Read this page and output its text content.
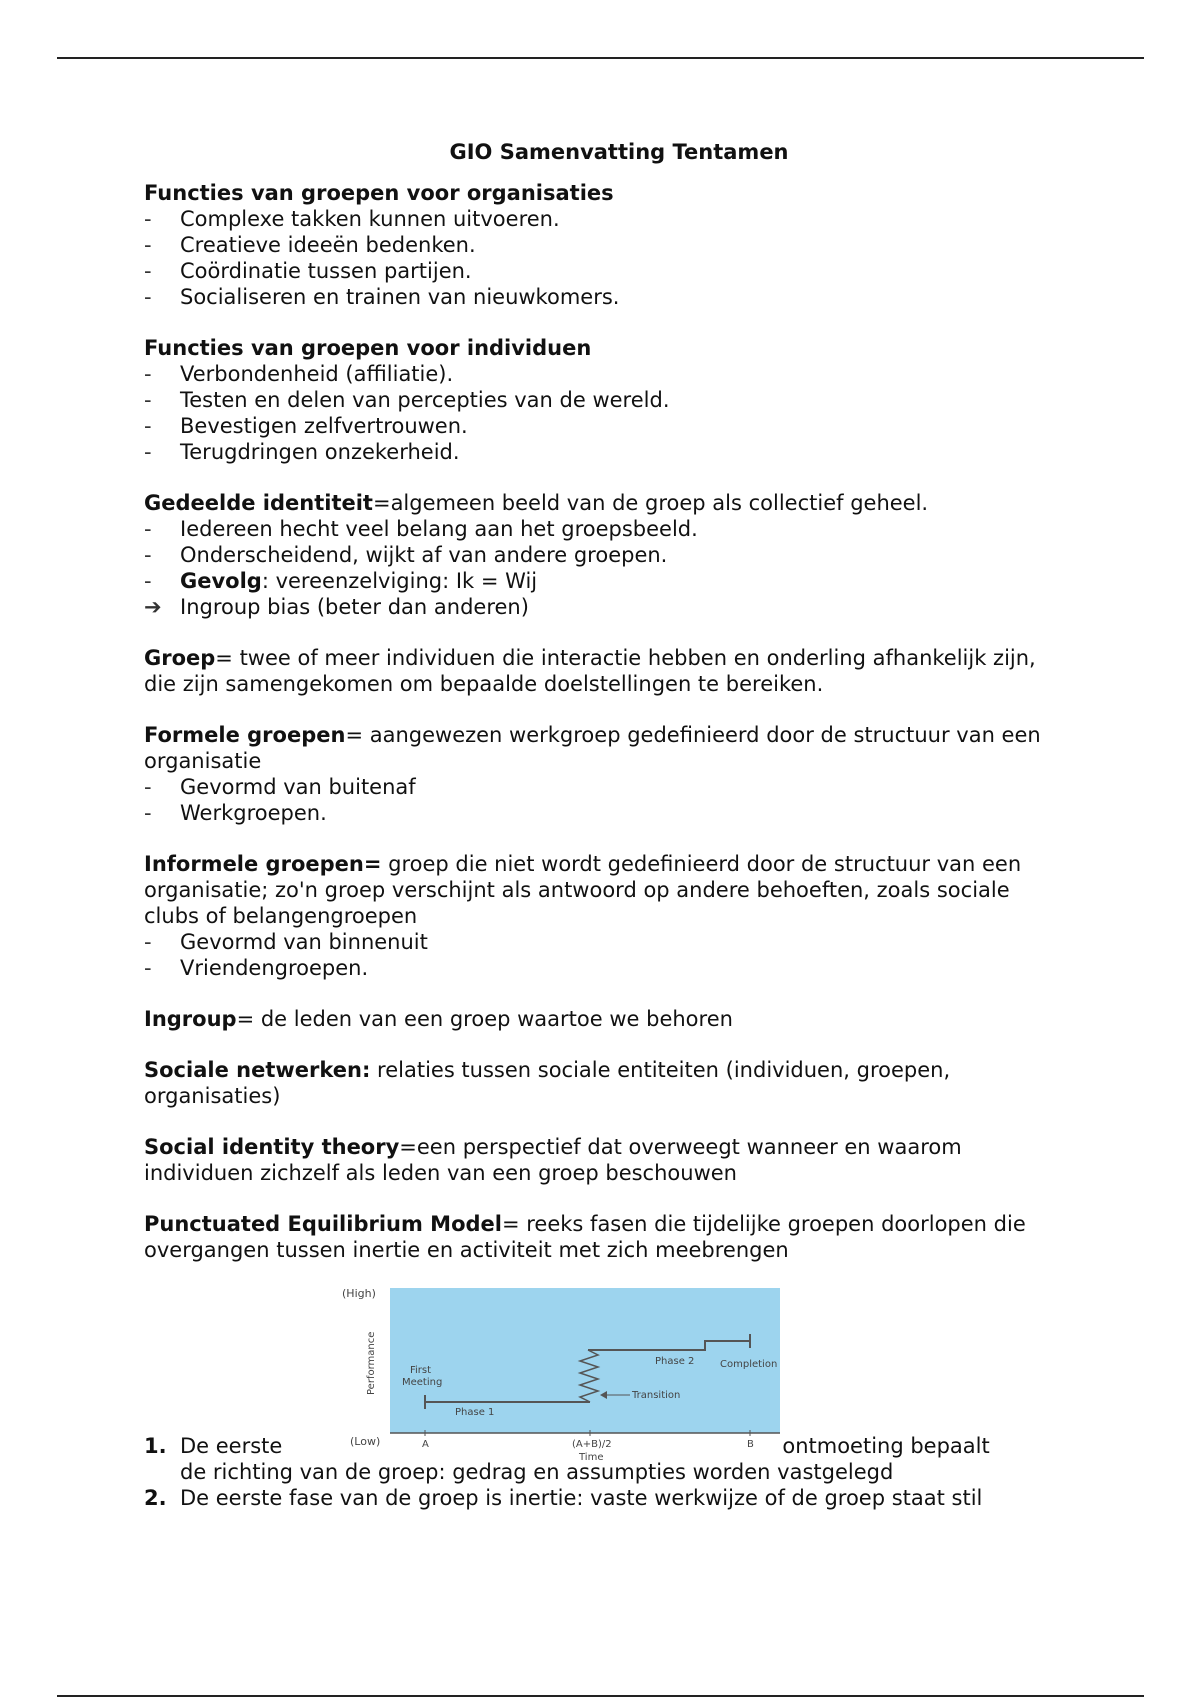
GIO Samenvatting Tentamen
Functies van groepen voor organisaties
-	Complexe takken kunnen uitvoeren.
-	Creatieve ideeën bedenken.
-	Coördinatie tussen partijen.
-	Socialiseren en trainen van nieuwkomers.
Functies van groepen voor individuen
-	Verbondenheid (affiliatie).
-	Testen en delen van percepties van de wereld.
-	Bevestigen zelfvertrouwen.
-	Terugdringen onzekerheid.
Gedeelde identiteit=algemeen beeld van de groep als collectief geheel.
-	Iedereen hecht veel belang aan het groepsbeeld.
-	Onderscheidend, wijkt af van andere groepen.
-	Gevolg: vereenzelviging: Ik = Wij
➔ Ingroup bias (beter dan anderen)
Groep= twee of meer individuen die interactie hebben en onderling afhankelijk zijn, die zijn samengekomen om bepaalde doelstellingen te bereiken.
Formele groepen= aangewezen werkgroep gedefinieerd door de structuur van een organisatie
-	Gevormd van buitenaf
-	Werkgroepen.
Informele groepen= groep die niet wordt gedefinieerd door de structuur van een organisatie; zo'n groep verschijnt als antwoord op andere behoeften, zoals sociale clubs of belangengroepen
-	Gevormd van binnenuit
-	Vriendengroepen.
Ingroup= de leden van een groep waartoe we behoren
Sociale netwerken: relaties tussen sociale entiteiten (individuen, groepen, organisaties)
Social identity theory=een perspectief dat overweegt wanneer en waarom individuen zichzelf als leden van een groep beschouwen
Punctuated Equilibrium Model= reeks fasen die tijdelijke groepen doorlopen die overgangen tussen inertie en activiteit met zich meebrengen
(High)
(Low)
Performance	First
Meeting
Phase 1
Phase 2
Transition
Completion
A	(A+B)/2	B
Time
1. De eerste	ontmoeting bepaalt
de richting van de groep: gedrag en assumpties worden vastgelegd
2. De eerste fase van de groep is inertie: vaste werkwijze of de groep staat stil
